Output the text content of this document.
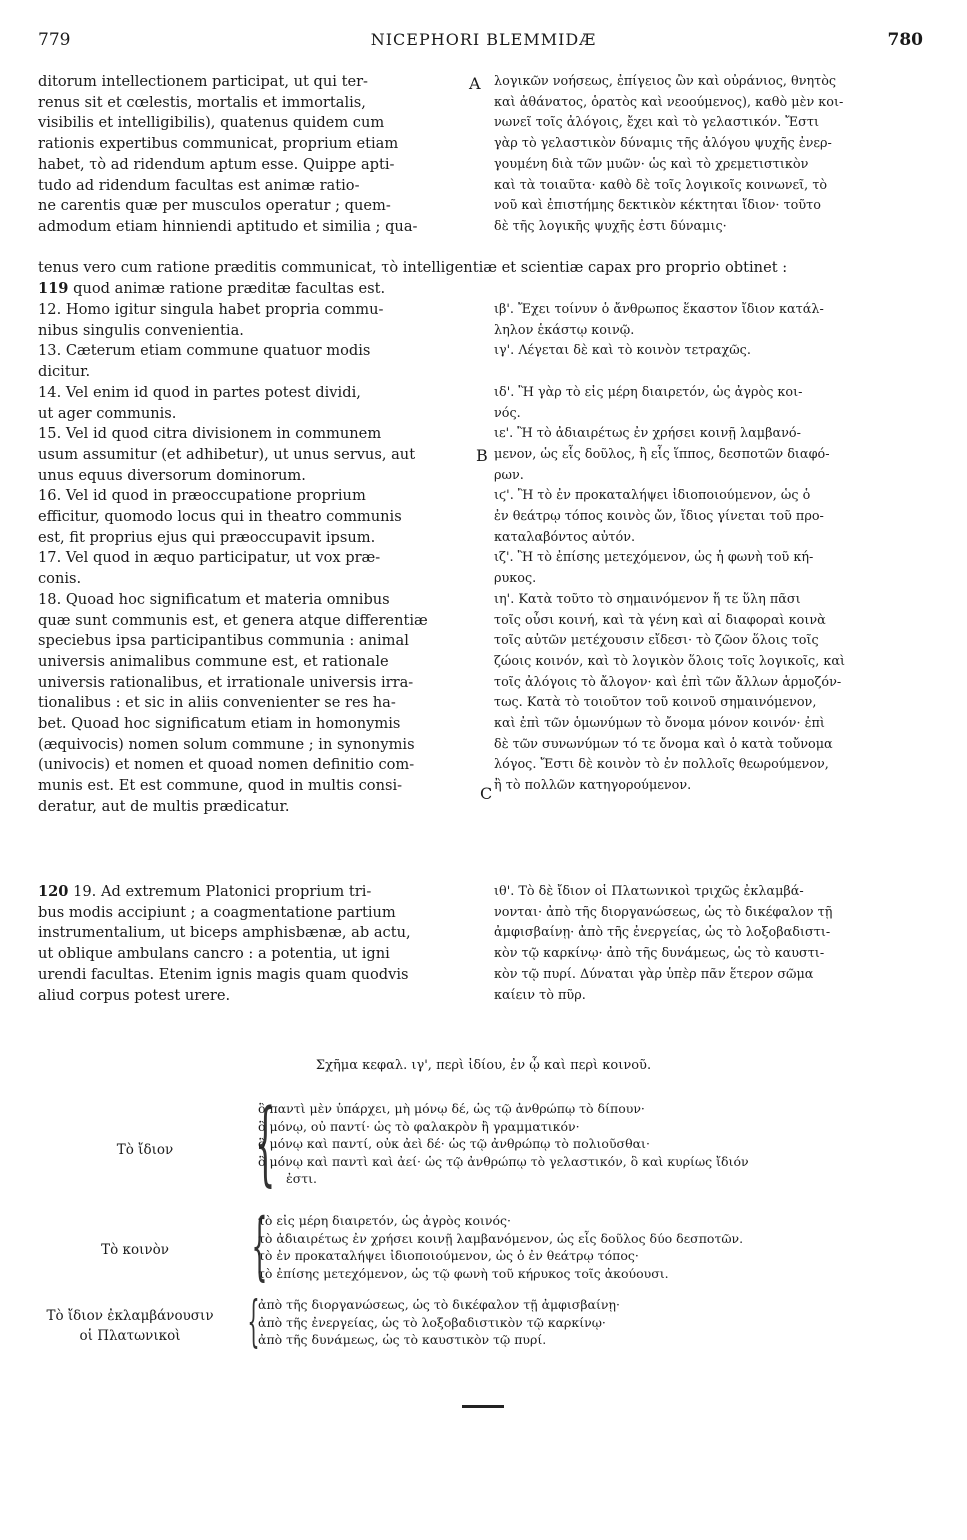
779	NICEPHORI BLEMMIDÆ	780
A
B
C

ditorum intellectionem participat, ut qui ter-

renus sit et cœlestis, mortalis et immortalis,

visibilis et intelligibilis), quatenus quidem cum

rationis expertibus communicat, proprium etiam

habet, τὸ ad ridendum aptum esse. Quippe apti-

tudo ad ridendum facultas est animæ ratio-

ne carentis quæ per musculos operatur ; quem-

admodum etiam hinniendi aptitudo et similia ; qua-

λογικῶν νοήσεως, ἐπίγειος ὢν καὶ οὐράνιος, θνητὸς

καὶ ἀθάνατος, ὁρατὸς καὶ νεοούμενος), καθὸ μὲν κοι-

νωνεῖ τοῖς ἀλόγοις, ἔχει καὶ τὸ γελαστικόν. Ἔστι

γὰρ τὸ γελαστικὸν δύναμις τῆς ἀλόγου ψυχῆς ἐνερ-

γουμένη διὰ τῶν μυῶν· ὡς καὶ τὸ χρεμετιστικὸν

καὶ τὰ τοιαῦτα· καθὸ δὲ τοῖς λογικοῖς κοινωνεῖ, τὸ

νοῦ καὶ ἐπιστήμης δεκτικὸν κέκτηται ἴδιον· τοῦτο

δὲ τῆς λογικῆς ψυχῆς ἐστι δύναμις·

tenus vero cum ratione præditis communicat, τὸ intelligentiæ et scientiæ capax pro proprio obtinet :

119 quod animæ ratione præditæ facultas est.

12. Homo igitur singula habet propria commu-

nibus singulis convenientia.

13. Cæterum etiam commune quatuor modis

dicitur.

14. Vel enim id quod in partes potest dividi,

ut ager communis.

15. Vel id quod citra divisionem in communem

usum assumitur (et adhibetur), ut unus servus, aut

unus equus diversorum dominorum.

16. Vel id quod in præoccupatione proprium

efficitur, quomodo locus qui in theatro communis

est, fit proprius ejus qui præoccupavit ipsum.

17. Vel quod in æquo participatur, ut vox præ-

conis.

18. Quoad hoc significatum et materia omnibus

quæ sunt communis est, et genera atque differentiæ

speciebus ipsa participantibus communia : animal

universis animalibus commune est, et rationale

universis rationalibus, et irrationale universis irra-

tionalibus : et sic in aliis convenienter se res ha-

bet. Quoad hoc significatum etiam in homonymis

(æquivocis) nomen solum commune ; in synonymis

(univocis) et nomen et quoad nomen definitio com-

munis est. Et est commune, quod in multis consi-

deratur, aut de multis prædicatur.

ιβ'. Ἔχει τοίνυν ὁ ἄνθρωπος ἕκαστον ἴδιον κατάλ-

ληλον ἑκάστῳ κοινῷ.

ιγ'. Λέγεται δὲ καὶ τὸ κοινὸν τετραχῶς.

ιδ'. Ἢ γὰρ τὸ εἰς μέρη διαιρετόν, ὡς ἀγρὸς κοι-

νός.

ιε'. Ἢ τὸ ἀδιαιρέτως ἐν χρήσει κοινῇ λαμβανό-

μενον, ὡς εἷς δοῦλος, ἢ εἷς ἵππος, δεσποτῶν διαφό-

ρων.

ιϛ'. Ἢ τὸ ἐν προκαταλήψει ἰδιοποιούμενον, ὡς ὁ

ἐν θεάτρῳ τόπος κοινὸς ὤν, ἴδιος γίνεται τοῦ προ-

καταλαβόντος αὐτόν.

ιζ'. Ἢ τὸ ἐπίσης μετεχόμενον, ὡς ἡ φωνὴ τοῦ κή-

ρυκος.

ιη'. Κατὰ τοῦτο τὸ σημαινόμενον ἥ τε ὕλη πᾶσι

τοῖς οὖσι κοινή, καὶ τὰ γένη καὶ αἱ διαφοραὶ κοινὰ

τοῖς αὐτῶν μετέχουσιν εἴδεσι· τὸ ζῶον ὅλοις τοῖς

ζώοις κοινόν, καὶ τὸ λογικὸν ὅλοις τοῖς λογικοῖς, καὶ

τοῖς ἀλόγοις τὸ ἄλογον· καὶ ἐπὶ τῶν ἄλλων ἁρμοζόν-

τως. Κατὰ τὸ τοιοῦτον τοῦ κοινοῦ σημαινόμενον,

καὶ ἐπὶ τῶν ὁμωνύμων τὸ ὄνομα μόνον κοινόν· ἐπὶ

δὲ τῶν συνωνύμων τό τε ὄνομα καὶ ὁ κατὰ τοὔνομα

λόγος. Ἔστι δὲ κοινὸν τὸ ἐν πολλοῖς θεωρούμενον,

ἢ τὸ πολλῶν κατηγορούμενον.

120 19. Ad extremum Platonici proprium tri-

bus modis accipiunt ; a coagmentatione partium

instrumentalium, ut biceps amphisbænæ, ab actu,

ut oblique ambulans cancro : a potentia, ut igni

urendi facultas. Etenim ignis magis quam quodvis

aliud corpus potest urere.

Σχῆμα κεφαλ. ιγ', περὶ ἰδίου, ἐν ᾧ καὶ περὶ κοινοῦ.
Τὸ ἴδιον {
ὃ παντὶ μὲν ὑπάρχει, μὴ μόνῳ δέ, ὡς τῷ ἀνθρώπῳ τὸ δίπουν·
ὃ μόνῳ, οὐ παντί· ὡς τὸ φαλακρὸν ἢ γραμματικόν·
ὃ μόνῳ καὶ παντί, οὐκ ἀεὶ δέ· ὡς τῷ ἀνθρώπῳ τὸ πολιοῦσθαι·
ὃ μόνῳ καὶ παντὶ καὶ ἀεί· ὡς τῷ ἀνθρώπῳ τὸ γελαστικόν, ὃ καὶ κυρίως ἴδιόν
ἐστι.
Τὸ κοινὸν {
τὸ εἰς μέρη διαιρετόν, ὡς ἀγρὸς κοινός·
τὸ ἀδιαιρέτως ἐν χρήσει κοινῇ λαμβανόμενον, ὡς εἷς δοῦλος δύο δεσποτῶν.
τὸ ἐν προκαταλήψει ἰδιοποιούμενον, ὡς ὁ ἐν θεάτρῳ τόπος·
τὸ ἐπίσης μετεχόμενον, ὡς τῷ φωνὴ τοῦ κήρυκος τοῖς ἀκούουσι.
Τὸ ἴδιον ἐκλαμβάνουσιν
οἱ Πλατωνικοὶ	{
ἀπὸ τῆς διοργανώσεως, ὡς τὸ δικέφαλον τῇ ἀμφισβαίνῃ·
ἀπὸ τῆς ἐνεργείας, ὡς τὸ λοξοβαδιστικὸν τῷ καρκίνῳ·
ἀπὸ τῆς δυνάμεως, ὡς τὸ καυστικὸν τῷ πυρί.

ιθ'. Τὸ δὲ ἴδιον οἱ Πλατωνικοὶ τριχῶς ἐκλαμβά-

νονται· ἀπὸ τῆς διοργανώσεως, ὡς τὸ δικέφαλον τῇ

ἀμφισβαίνῃ· ἀπὸ τῆς ἐνεργείας, ὡς τὸ λοξοβαδιστι-

κὸν τῷ καρκίνῳ· ἀπὸ τῆς δυνάμεως, ὡς τὸ καυστι-

κὸν τῷ πυρί. Δύναται γὰρ ὑπὲρ πᾶν ἕτερον σῶμα

καίειν τὸ πῦρ.
